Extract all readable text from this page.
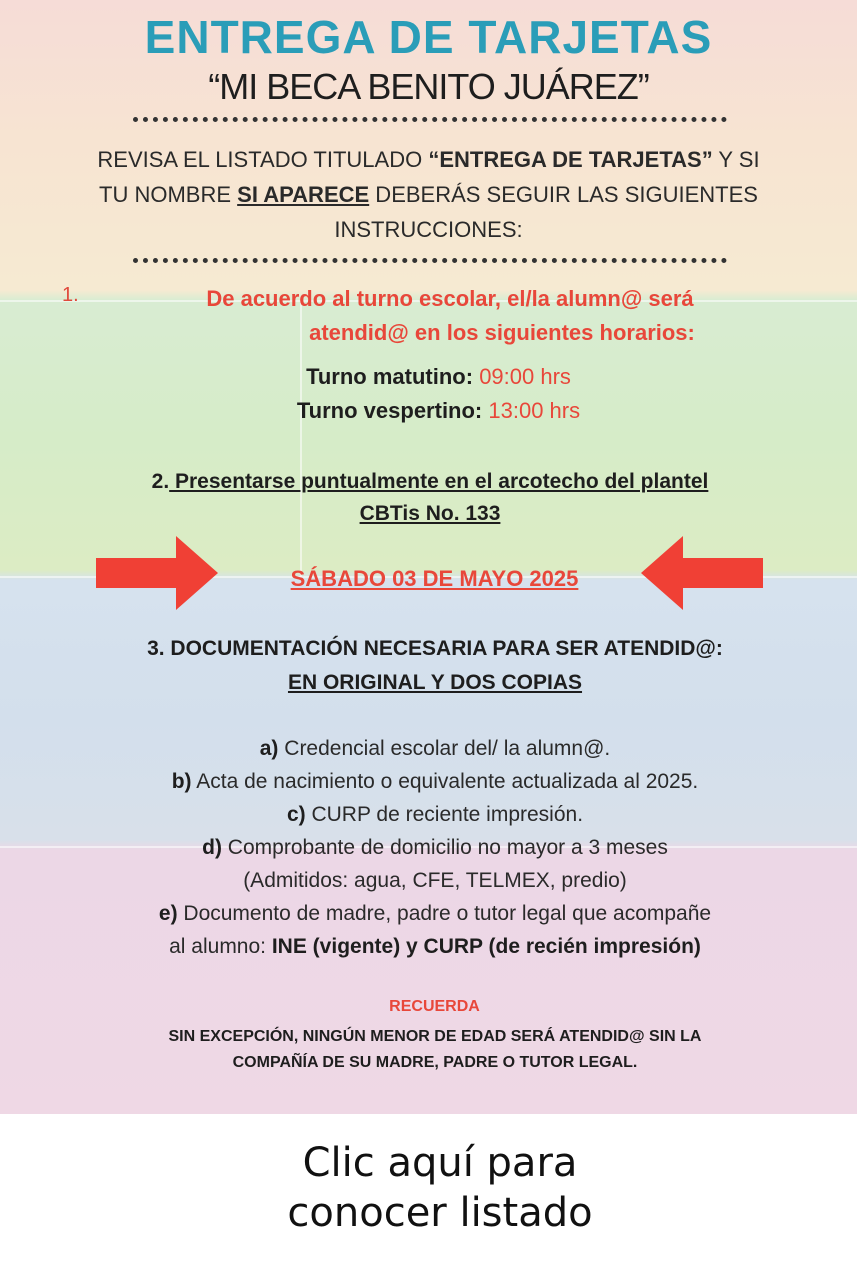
ENTREGA DE TARJETAS
“MI BECA BENITO JUÁREZ”
REVISA EL LISTADO TITULADO “ENTREGA DE TARJETAS” Y SI
TU NOMBRE SI APARECE DEBERÁS SEGUIR LAS SIGUIENTES
INSTRUCCIONES:
1.	De acuerdo al turno escolar, el/la alumn@ será
atendid@ en los siguientes horarios:
Turno matutino: 09:00 hrs
Turno vespertino: 13:00 hrs
2. Presentarse puntualmente en el arcotecho del plantel
CBTis No. 133
SÁBADO 03 DE MAYO 2025
3. DOCUMENTACIÓN NECESARIA PARA SER ATENDID@:
EN ORIGINAL Y DOS COPIAS
a) Credencial escolar del/ la alumn@.
b) Acta de nacimiento o equivalente actualizada al 2025.
c) CURP de reciente impresión.
d) Comprobante de domicilio no mayor a 3 meses
(Admitidos: agua, CFE, TELMEX, predio)
e) Documento de madre, padre o tutor legal que acompañe
al alumno: INE (vigente) y CURP (de recién impresión)
RECUERDA
SIN EXCEPCIÓN, NINGÚN MENOR DE EDAD SERÁ ATENDID@ SIN LA
COMPAÑÍA DE SU MADRE, PADRE O TUTOR LEGAL.
Clic aquí para
conocer listado
